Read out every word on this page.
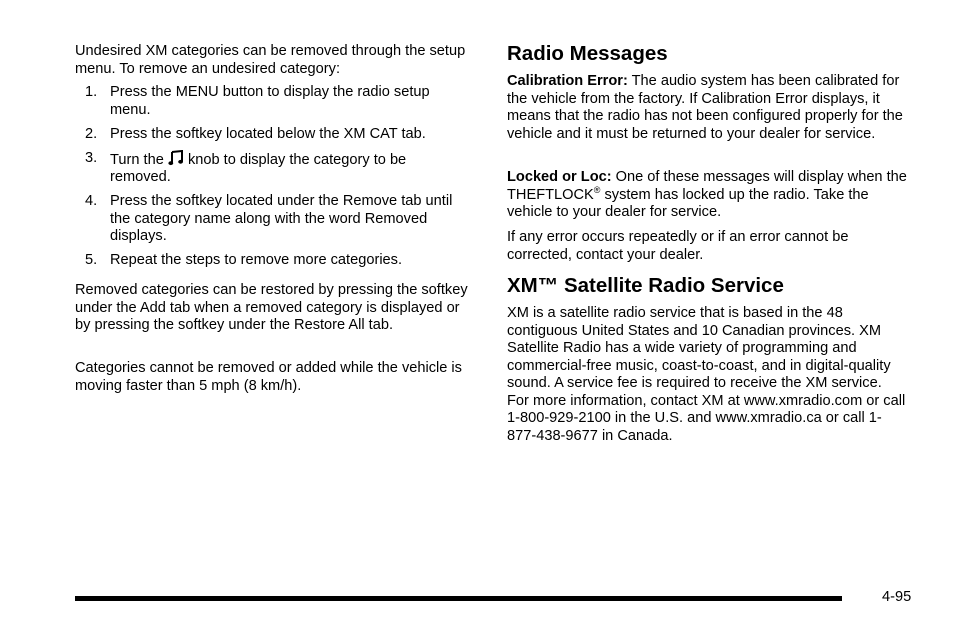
Undesired XM categories can be removed through the setup menu. To remove an undesired category:

1. Press the MENU button to display the radio setup menu.
2. Press the softkey located below the XM CAT tab.
3. Turn the knob to display the category to be removed.
4. Press the softkey located under the Remove tab until the category name along with the word Removed displays.
5. Repeat the steps to remove more categories.

Removed categories can be restored by pressing the softkey under the Add tab when a removed category is displayed or by pressing the softkey under the Restore All tab.

Categories cannot be removed or added while the vehicle is moving faster than 5 mph (8 km/h).

Radio Messages

Calibration Error: The audio system has been calibrated for the vehicle from the factory. If Calibration Error displays, it means that the radio has not been configured properly for the vehicle and it must be returned to your dealer for service.

Locked or Loc: One of these messages will display when the THEFTLOCK® system has locked up the radio. Take the vehicle to your dealer for service.

If any error occurs repeatedly or if an error cannot be corrected, contact your dealer.

XM™ Satellite Radio Service

XM is a satellite radio service that is based in the 48 contiguous United States and 10 Canadian provinces. XM Satellite Radio has a wide variety of programming and commercial-free music, coast-to-coast, and in digital-quality sound. A service fee is required to receive the XM service. For more information, contact XM at www.xmradio.com or call 1-800-929-2100 in the U.S. and www.xmradio.ca or call 1-877-438-9677 in Canada.

4-95
